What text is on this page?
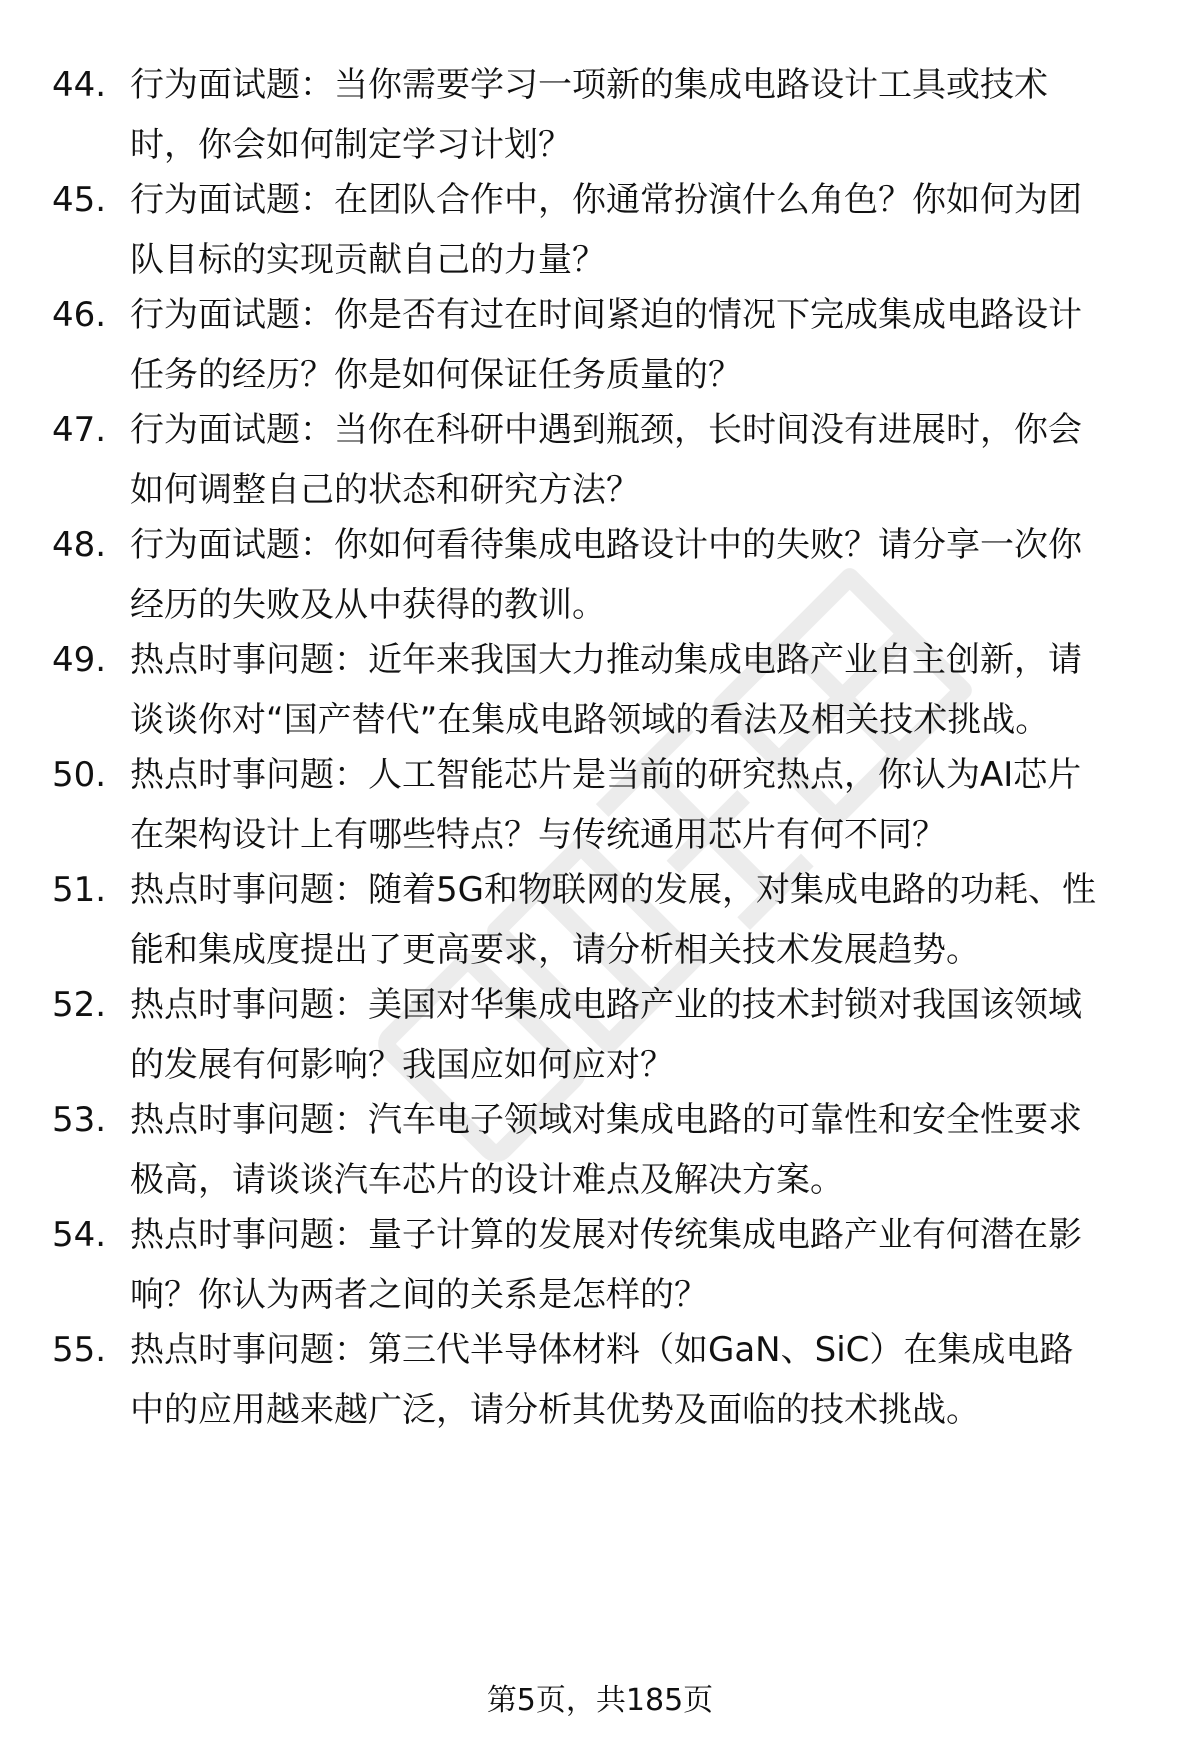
44. 行为面试题：当你需要学习一项新的集成电路设计工具或技术
时，你会如何制定学习计划？
45. 行为面试题：在团队合作中，你通常扮演什么角色？你如何为团
队目标的实现贡献自己的力量？
46. 行为面试题：你是否有过在时间紧迫的情况下完成集成电路设计
任务的经历？你是如何保证任务质量的？
47. 行为面试题：当你在科研中遇到瓶颈，长时间没有进展时，你会
如何调整自己的状态和研究方法？
48. 行为面试题：你如何看待集成电路设计中的失败？请分享一次你
经历的失败及从中获得的教训。
49. 热点时事问题：近年来我国大力推动集成电路产业自主创新，请
谈谈你对“国产替代”在集成电路领域的看法及相关技术挑战。
50. 热点时事问题：人工智能芯片是当前的研究热点，你认为AI芯片
在架构设计上有哪些特点？与传统通用芯片有何不同？
51. 热点时事问题：随着5G和物联网的发展，对集成电路的功耗、性
能和集成度提出了更高要求，请分析相关技术发展趋势。
52. 热点时事问题：美国对华集成电路产业的技术封锁对我国该领域
的发展有何影响？我国应如何应对？
53. 热点时事问题：汽车电子领域对集成电路的可靠性和安全性要求
极高，请谈谈汽车芯片的设计难点及解决方案。
54. 热点时事问题：量子计算的发展对传统集成电路产业有何潜在影
响？你认为两者之间的关系是怎样的？
55. 热点时事问题：第三代半导体材料（如GaN、SiC）在集成电路
中的应用越来越广泛，请分析其优势及面临的技术挑战。
第5页，共185页
